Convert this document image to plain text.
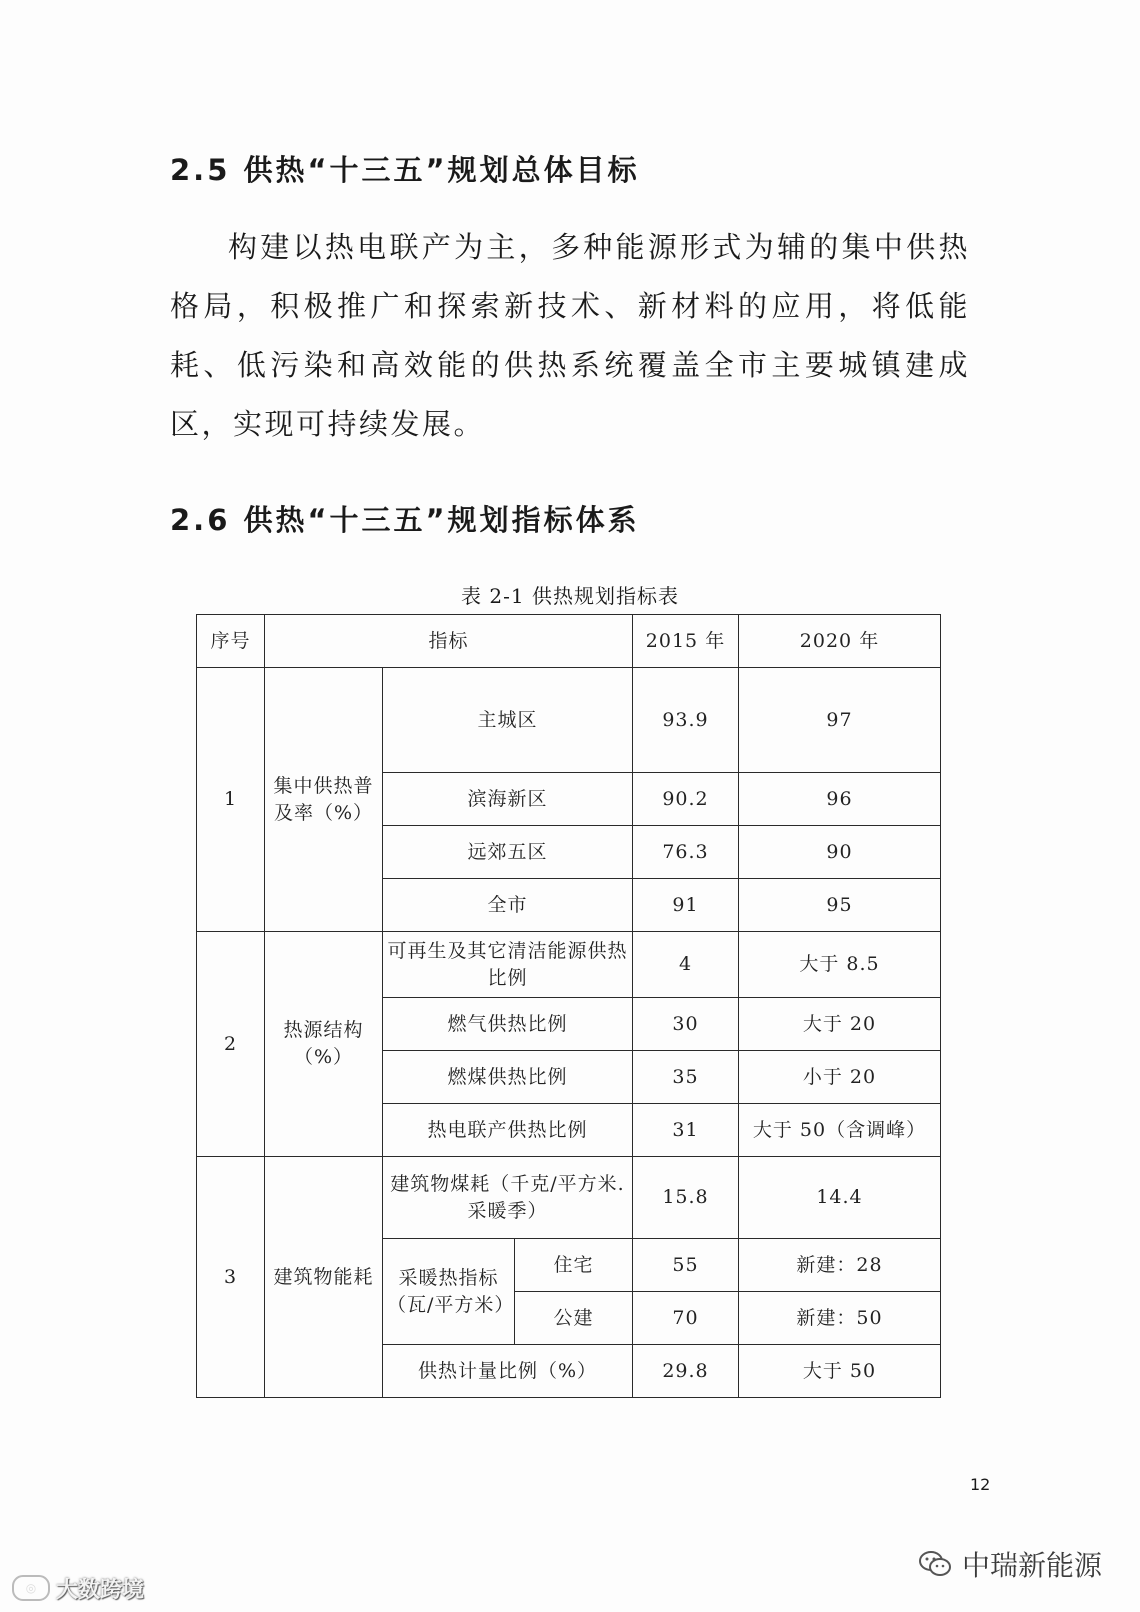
2.5 供热“十三五”规划总体目标

构建以热电联产为主，多种能源形式为辅的集中供热格局，积极推广和探索新技术、新材料的应用，将低能耗、低污染和高效能的供热系统覆盖全市主要城镇建成区，实现可持续发展。

2.6 供热“十三五”规划指标体系
表 2-1 供热规划指标表
序号	指标			2015 年	2020 年
1	集中供热普及率（%）	主城区		93.9	97
		滨海新区		90.2	96
		远郊五区		76.3	90
		全市		91	95
2	热源结构（%）	可再生及其它清洁能源供热比例		4	大于 8.5
		燃气供热比例		30	大于 20
		燃煤供热比例		35	小于 20
		热电联产供热比例		31	大于 50（含调峰）
3	建筑物能耗	建筑物煤耗（千克/平方米.采暖季）		15.8	14.4
		采暖热指标（瓦/平方米）	住宅	55	新建：28
			公建	70	新建：50
		供热计量比例（%）		29.8	大于 50
12
◎ 大数跨境
中瑞新能源
